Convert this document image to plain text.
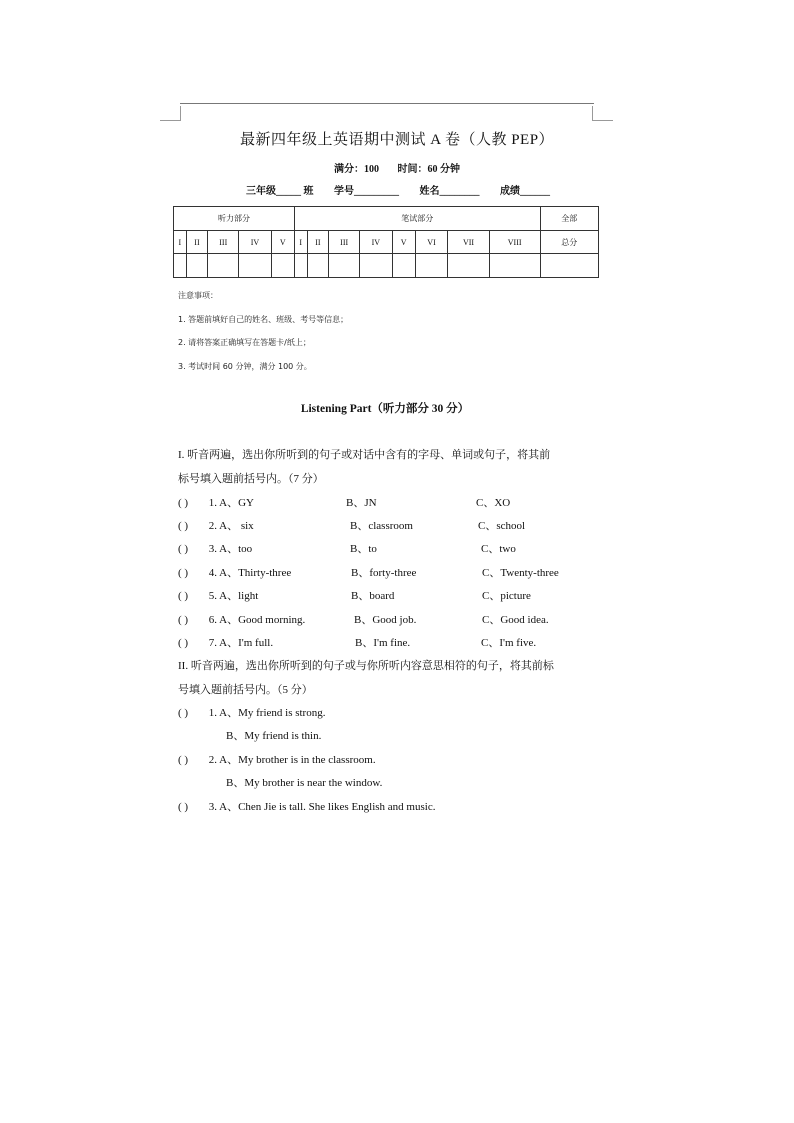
最新四年级上英语期中测试 A 卷（人教 PEP）
满分：100 时间：60 分钟
三年级_____ 班 学号_________ 姓名________ 成绩______
听力部分					笔试部分								全部
I	II	III	IV	V	I	II	III	IV	V	VI	VII	VIII	总分

注意事项：
1. 答题前填好自己的姓名、班级、考号等信息；
2. 请将答案正确填写在答题卡/纸上；
3. 考试时间 60 分钟，满分 100 分。
Listening Part（听力部分 30 分）
I. 听音两遍，选出你所听到的句子或对话中含有的字母、单词或句子，将其前
标号填入题前括号内。（7 分）
( ) 1. A、GY	B、JN	C、XO
( ) 2. A、 six	B、classroom	C、school
( ) 3. A、too	B、to	C、two
( ) 4. A、Thirty-three	B、forty-three	C、Twenty-three
( ) 5. A、light	B、board	C、picture
( ) 6. A、Good morning.	B、Good job.	C、Good idea.
( ) 7. A、I'm full.	B、I'm fine.	C、I'm five.
II. 听音两遍，选出你所听到的句子或与你所听内容意思相符的句子，将其前标
号填入题前括号内。（5 分）
( ) 1. A、My friend is strong.
B、My friend is thin.
( ) 2. A、My brother is in the classroom.
B、My brother is near the window.
( ) 3. A、Chen Jie is tall. She likes English and music.
